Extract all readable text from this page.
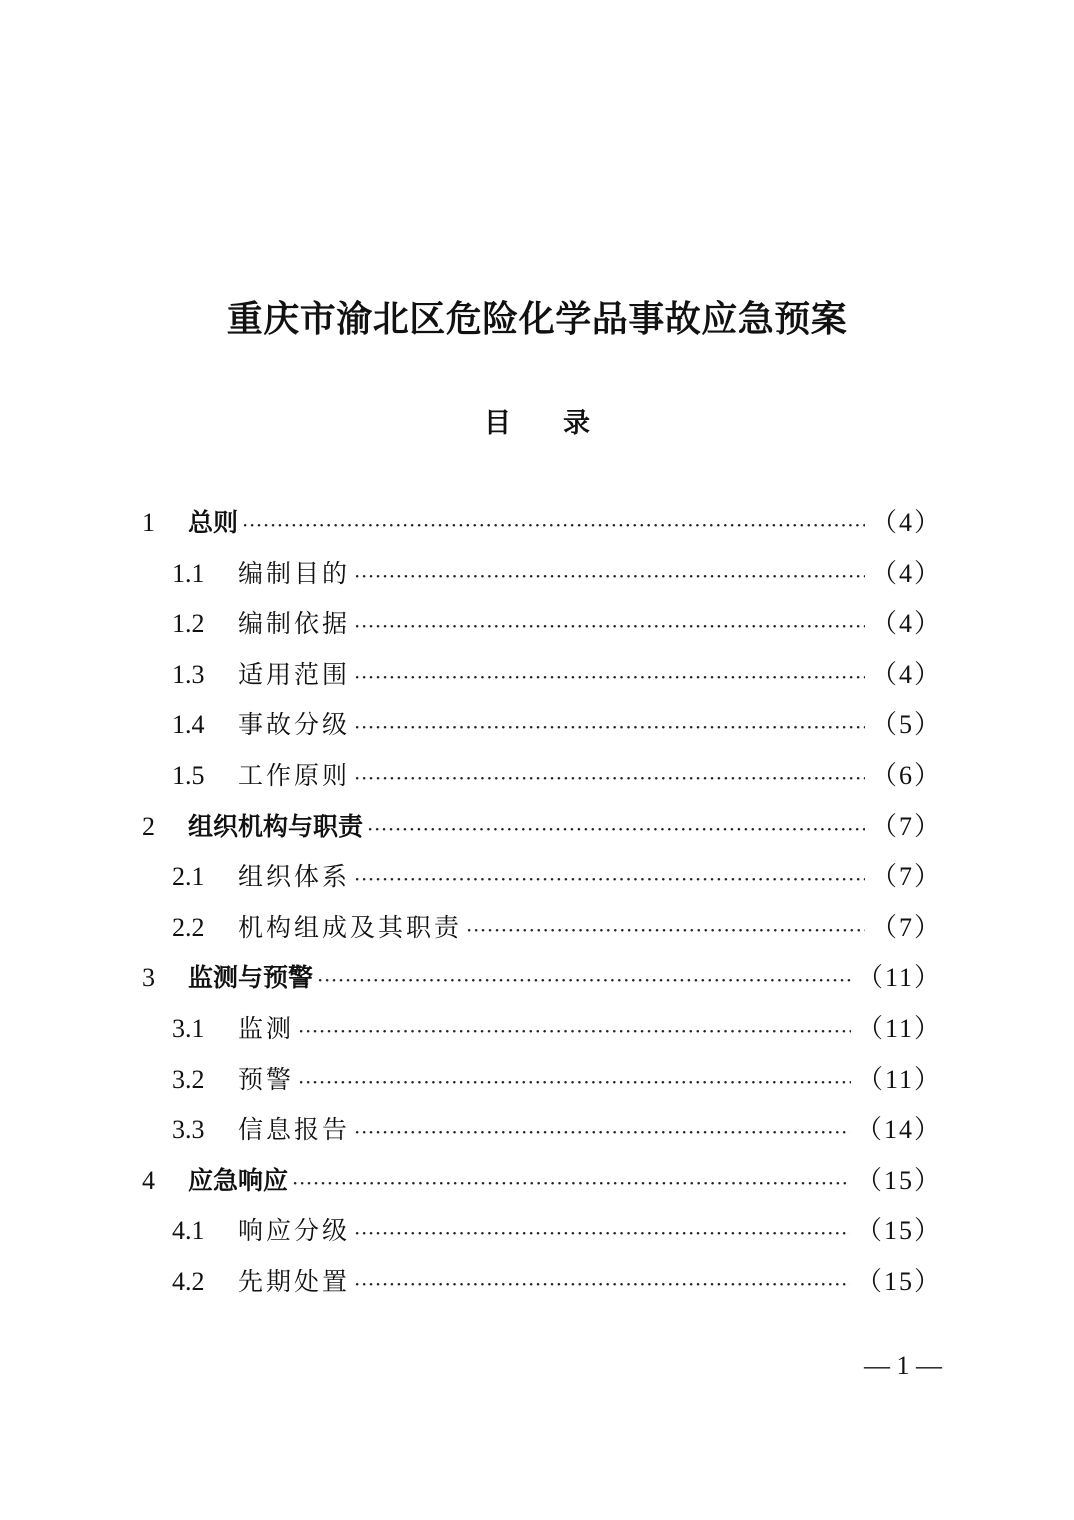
重庆市渝北区危险化学品事故应急预案
目录
1	总则 ·····	（4）
1.1	编制目的 ·····	（4）
1.2	编制依据 ·····	（4）
1.3	适用范围 ·····	（4）
1.4	事故分级 ·····	（5）
1.5	工作原则 ·····	（6）
2	组织机构与职责 ·····	（7）
2.1	组织体系 ·····	（7）
2.2	机构组成及其职责 ·····	（7）
3	监测与预警 ·····	（11）
3.1	监测 ·····	（11）
3.2	预警 ·····	（11）
3.3	信息报告 ·····	（14）
4	应急响应 ·····	（15）
4.1	响应分级 ·····	（15）
4.2	先期处置 ·····	（15）

— 1 —
